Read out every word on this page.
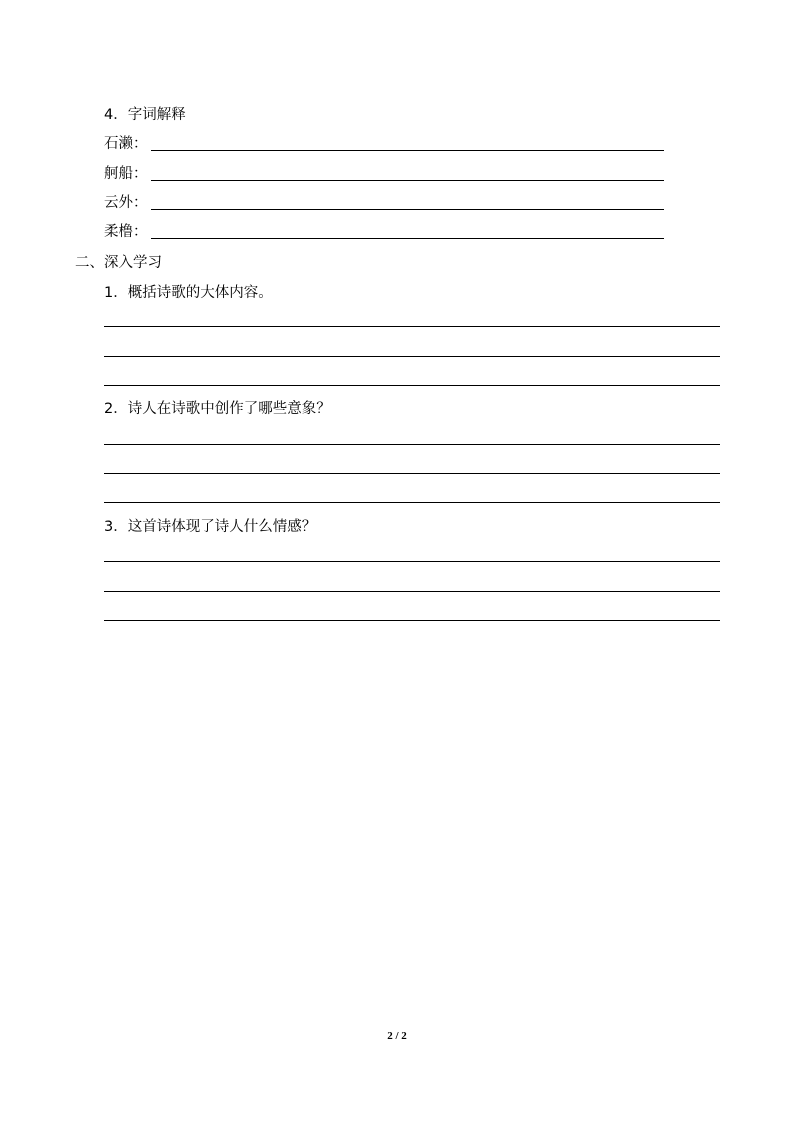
4．字词解释
石濑：
舸船：
云外：
柔橹：
二、深入学习
1．概括诗歌的大体内容。
2．诗人在诗歌中创作了哪些意象？
3．这首诗体现了诗人什么情感？
2 / 2
